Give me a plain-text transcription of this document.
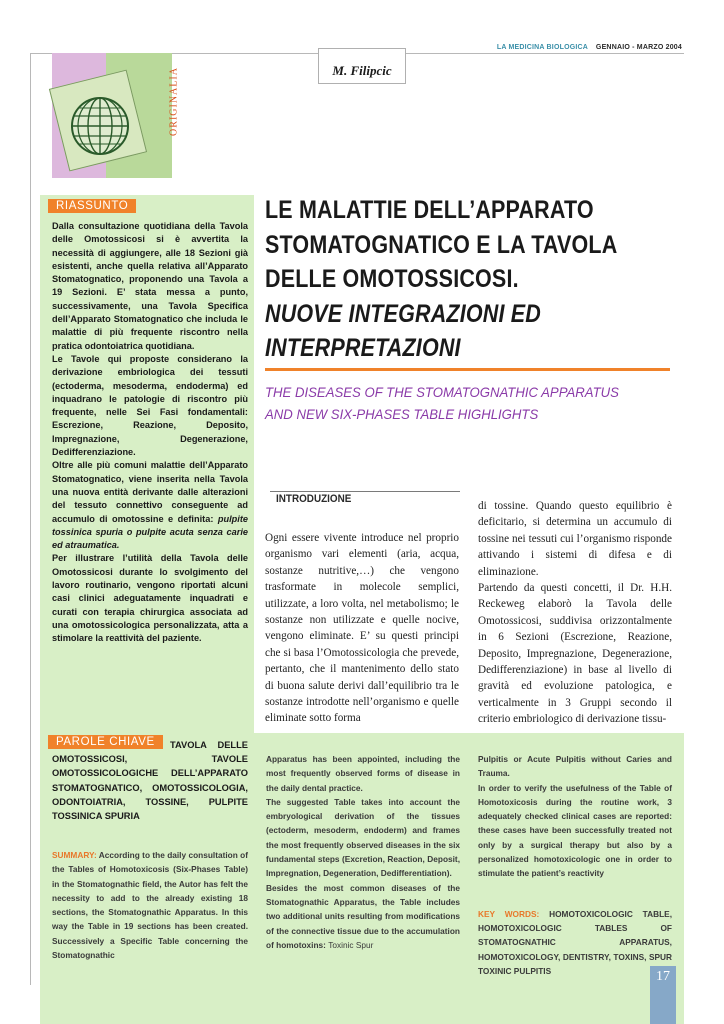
LA MEDICINA BIOLOGICA GENNAIO - MARZO 2004
M. Filipcic
ORIGINALIA
RIASSUNTO

Dalla consultazione quotidiana della Tavola delle Omotossicosi si è avvertita la necessità di aggiungere, alle 18 Sezioni già esistenti, anche quella relativa all’Apparato Stomatognatico, proponendo una Tavola a 19 Sezioni. E’ stata messa a punto, successivamente, una Tavola Specifica dell’Apparato Stomatognatico che includa le malattie di più frequente riscontro nella pratica odontoiatrica quotidiana.

Le Tavole qui proposte considerano la derivazione embriologica dei tessuti (ectoderma, mesoderma, endoderma) ed inquadrano le patologie di riscontro più frequente, nelle Sei Fasi fondamentali: Escrezione, Reazione, Deposito, Impregnazione, Degenerazione, Dedifferenziazione.

Oltre alle più comuni malattie dell’Apparato Stomatognatico, viene inserita nella Tavola una nuova entità derivante dalle alterazioni del tessuto connettivo conseguente ad accumulo di omotossine e definita: pulpite tossinica spuria o pulpite acuta senza carie ed atraumatica.

Per illustrare l’utilità della Tavola delle Omotossicosi durante lo svolgimento del lavoro routinario, vengono riportati alcuni casi clinici adeguatamente inquadrati e curati con terapia chirurgica associata ad una omotossicologica personalizzata, atta a stimolare la reattività del paziente.

LE MALATTIE DELL’APPARATO
STOMATOGNATICO E LA TAVOLA
DELLE OMOTOSSICOSI.
NUOVE INTEGRAZIONI ED
INTERPRETAZIONI
THE DISEASES OF THE STOMATOGNATHIC APPARATUS
AND NEW SIX-PHASES TABLE HIGHLIGHTS
INTRODUZIONE

Ogni essere vivente introduce nel proprio organismo vari elementi (aria, acqua, sostanze nutritive,…) che vengono trasformate in molecole semplici, utilizzate, a loro volta, nel metabolismo; le sostanze non utilizzate e quelle nocive, vengono eliminate. E’ su questi principi che si basa l’Omotossicologia che prevede, pertanto, che il mantenimento dello stato di buona salute derivi dall’equilibrio tra le sostanze introdotte nell’organismo e quelle eliminate sotto forma

di tossine. Quando questo equilibrio è deficitario, si determina un accumulo di tossine nei tessuti cui l’organismo risponde attivando i sistemi di difesa e di eliminazione.

Partendo da questi concetti, il Dr. H.H. Reckeweg elaborò la Tavola delle Omotossicosi, suddivisa orizzontalmente in 6 Sezioni (Escrezione, Reazione, Deposito, Impregnazione, Degenerazione, Dedifferenziazione) in base al livello di gravità ed evoluzione patologica, e verticalmente in 3 Gruppi secondo il criterio embriologico di derivazione tissu-

PAROLE CHIAVE	TAVOLA DELLE OMOTOSSICOSI, TAVOLE OMOTOSSICOLOGICHE DELL’APPARATO STOMATOGNATICO, OMOTOSSICOLOGIA, ODONTOIATRIA, TOSSINE, PULPITE TOSSINICA SPURIA
SUMMARY: According to the daily consultation of the Tables of Homotoxicosis (Six-Phases Table) in the Stomatognathic field, the Autor has felt the necessity to add to the already existing 18 sections, the Stomatognathic Apparatus. In this way the Table in 19 sections has been created. Successively a Specific Table concerning the Stomatognathic

Apparatus has been appointed, including the most frequently observed forms of disease in the daily dental practice.

The suggested Table takes into account the embryological derivation of the tissues (ectoderm, mesoderm, endoderm) and frames the most frequently observed diseases in the six fundamental steps (Excretion, Reaction, Deposit, Impregnation, Degeneration, Dedifferentiation).

Besides the most common diseases of the Stomatognathic Apparatus, the Table includes two additional units resulting from modifications of the connective tissue due to the accumulation of homotoxins: Toxinic Spur

Pulpitis or Acute Pulpitis without Caries and Trauma.

In order to verify the usefulness of the Table of Homotoxicosis during the routine work, 3 adequately checked clinical cases are reported: these cases have been successfully treated not only by a surgical therapy but also by a personalized homotoxicologic one in order to stimulate the patient’s reactivity

KEY WORDS: HOMOTOXICOLOGIC TABLE, HOMOTOXICOLOGIC TABLES OF STOMATOGNATHIC APPARATUS, HOMOTOXICOLOGY, DENTISTRY, TOXINS, SPUR TOXINIC PULPITIS	17
